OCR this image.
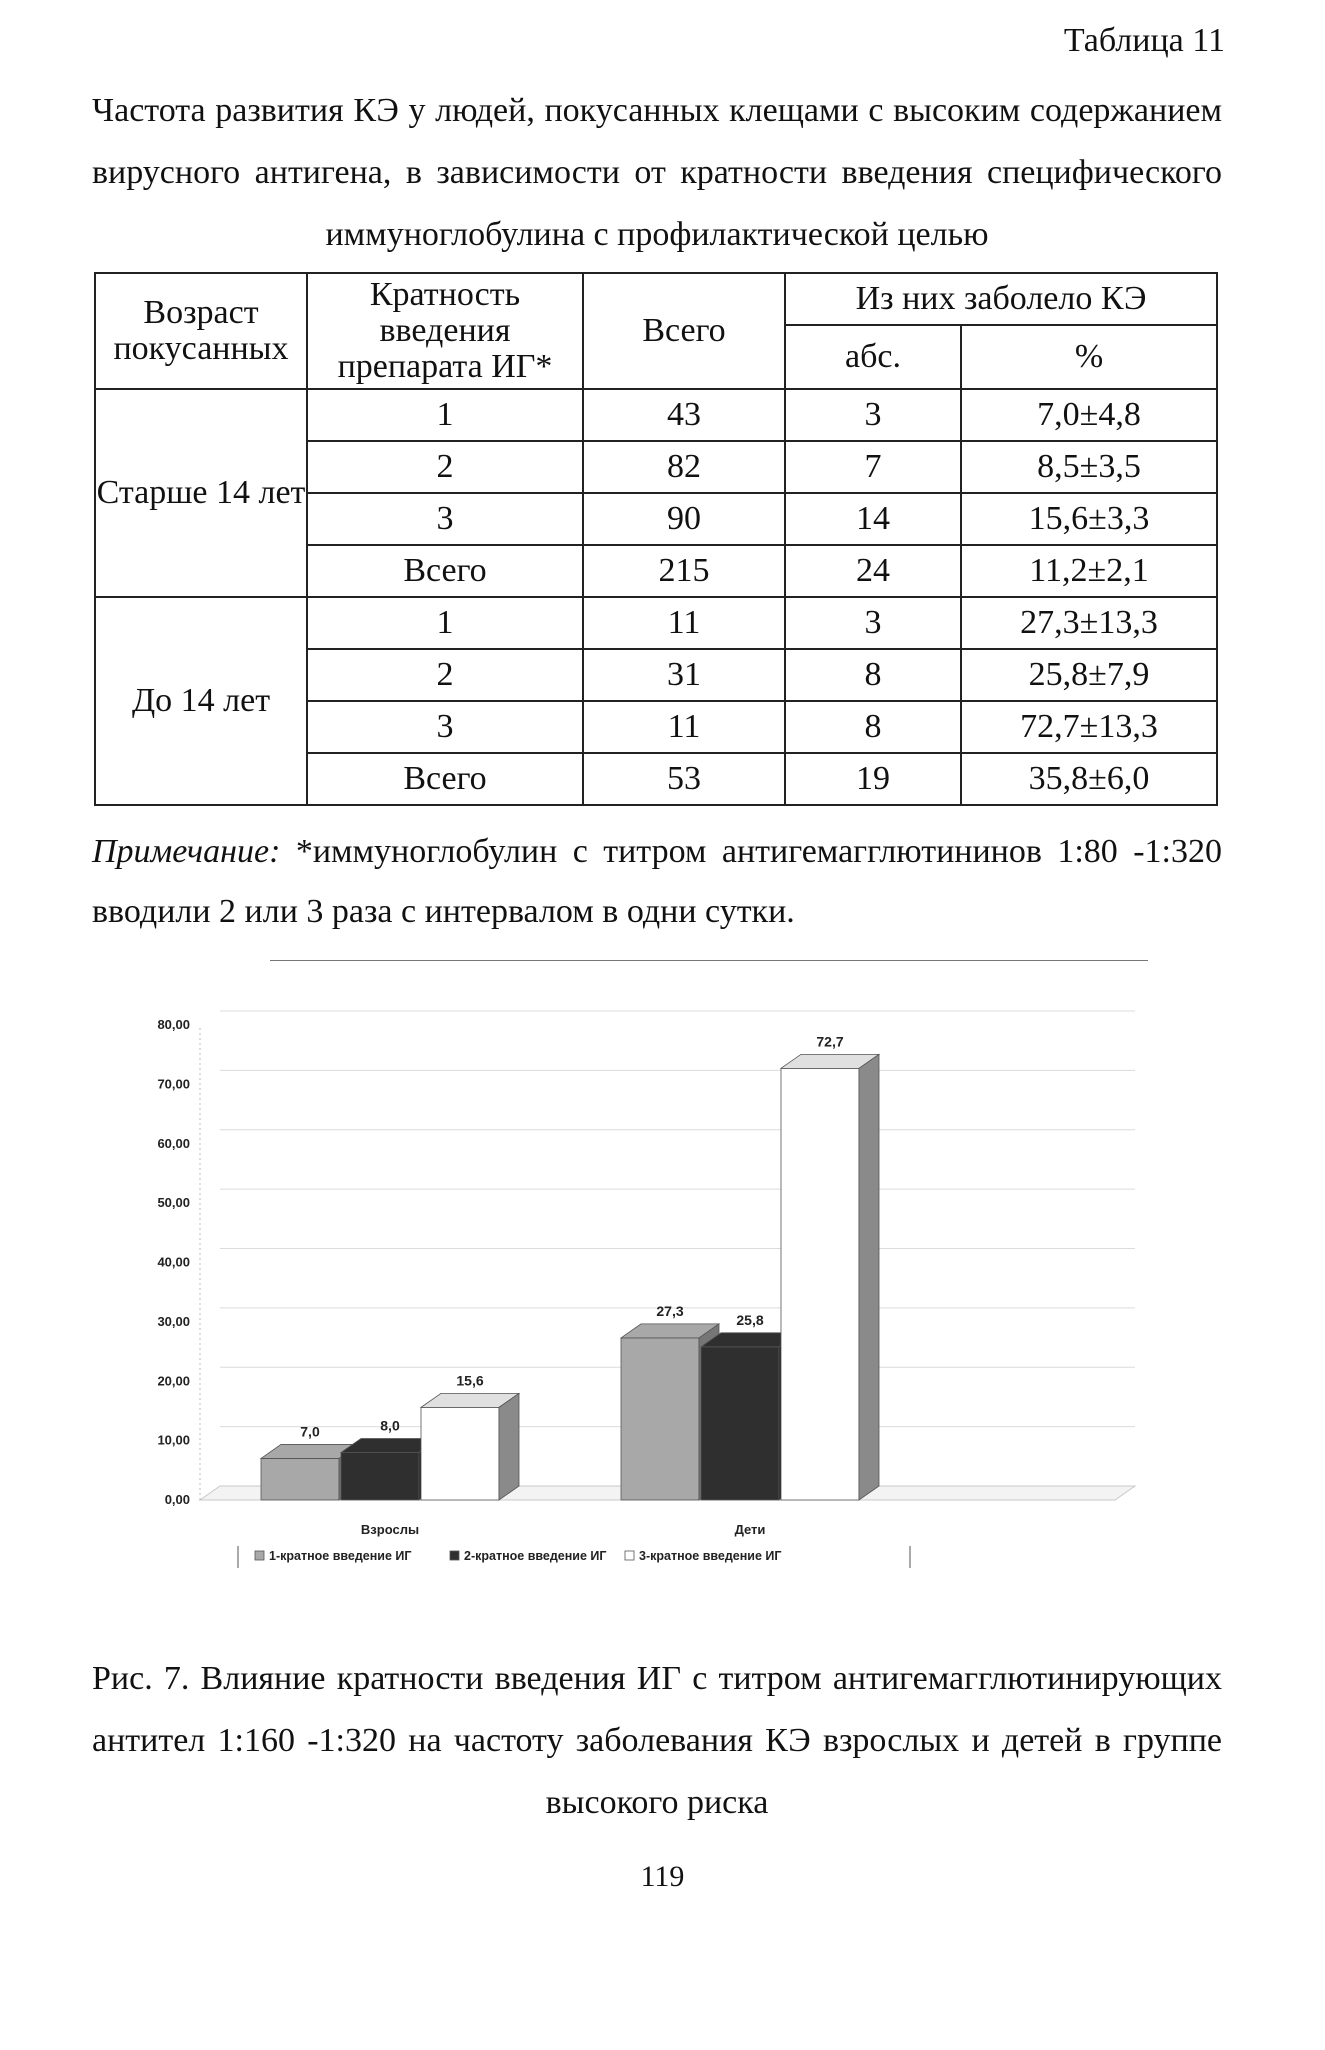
Таблица 11
Частота развития КЭ у людей, покусанных клещами с высоким содержанием
вирусного антигена, в зависимости от кратности введения специфического
иммуноглобулина с профилактической целью
Возраст покусанных	Кратность введения препарата ИГ*	Всего	Из них заболело КЭ	
			абс.	%
Старше 14 лет	1	43	3	7,0±4,8
	2	82	7	8,5±3,5
	3	90	14	15,6±3,3
	Всего	215	24	11,2±2,1
До 14 лет	1	11	3	27,3±13,3
	2	31	8	25,8±7,9
	3	11	8	72,7±13,3
	Всего	53	19	35,8±6,0
Примечание: *иммуноглобулин с титром антигемагглютининов 1:80 -1:320
вводили 2 или 3 раза с интервалом в одни сутки.
0,00
10,00
20,00
30,00
40,00
50,00
60,00
70,00
80,00
7,0	8,0
15,6
Взрослы
27,3
25,8
72,7
Дети
1-кратное введение ИГ	2-кратное введение ИГ	3-кратное введение ИГ
Рис. 7. Влияние кратности введения ИГ с титром антигемагглютинирующих
антител 1:160 -1:320 на частоту заболевания КЭ взрослых и детей в группе
высокого риска
119
